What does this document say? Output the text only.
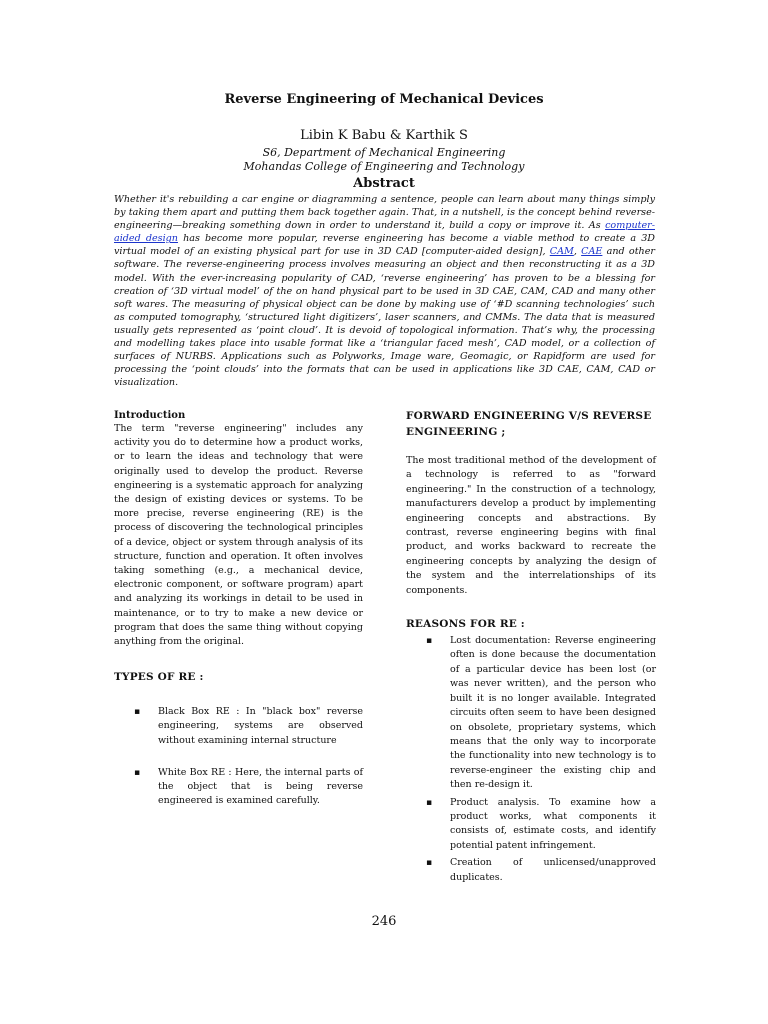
Reverse Engineering of Mechanical Devices
Libin K Babu & Karthik S
S6, Department of Mechanical Engineering
Mohandas College of Engineering and Technology
Abstract

Whether it's rebuilding a car engine or diagramming a sentence, people can learn about many things simply by taking them apart and putting them back together again. That, in a nutshell, is the concept behind reverse-engineering—breaking something down in order to understand it, build a copy or improve it. As computer-aided design has become more popular, reverse engineering has become a viable method to create a 3D virtual model of an existing physical part for use in 3D CAD [computer-aided design], CAM, CAE and other software. The reverse-engineering process involves measuring an object and then reconstructing it as a 3D model. With the ever-increasing popularity of CAD, ‘reverse engineering’ has proven to be a blessing for creation of ‘3D virtual model’ of the on hand physical part to be used in 3D CAE, CAM, CAD and many other soft wares. The measuring of physical object can be done by making use of ‘#D scanning technologies’ such as computed tomography, ‘structured light digitizers’, laser scanners, and CMMs. The data that is measured usually gets represented as ‘point cloud’. It is devoid of topological information. That’s why, the processing and modelling takes place into usable format like a ‘triangular faced mesh’, CAD model, or a collection of surfaces of NURBS. Applications such as Polyworks, Image ware, Geomagic, or Rapidform are used for processing the ‘point clouds’ into the formats that can be used in applications like 3D CAE, CAM, CAD or visualization.

Introduction

The term "reverse engineering" includes any activity you do to determine how a product works, or to learn the ideas and technology that were originally used to develop the product. Reverse engineering is a systematic approach for analyzing the design of existing devices or systems. To be more precise, reverse engineering (RE) is the process of discovering the technological principles of a device, object or system through analysis of its structure, function and operation. It often involves taking something (e.g., a mechanical device, electronic component, or software program) apart and analyzing its workings in detail to be used in maintenance, or to try to make a new device or program that does the same thing without copying anything from the original.

TYPES OF RE :
▪ Black Box RE : In "black box" reverse engineering, systems are observed without examining internal structure
▪ White Box RE : Here, the internal parts of the object that is being reverse engineered is examined carefully.
FORWARD ENGINEERING V/S REVERSE ENGINEERING ;

The most traditional method of the development of a technology is referred to as "forward engineering." In the construction of a technology, manufacturers develop a product by implementing engineering concepts and abstractions. By contrast, reverse engineering begins with final product, and works backward to recreate the engineering concepts by analyzing the design of the system and the interrelationships of its components.

REASONS FOR RE :
▪ Lost documentation: Reverse engineering often is done because the documentation of a particular device has been lost (or was never written), and the person who built it is no longer available. Integrated circuits often seem to have been designed on obsolete, proprietary systems, which means that the only way to incorporate the functionality into new technology is to reverse-engineer the existing chip and then re-design it.
▪ Product analysis. To examine how a product works, what components it consists of, estimate costs, and identify potential patent infringement.
▪ Creation of unlicensed/unapproved duplicates.
246
